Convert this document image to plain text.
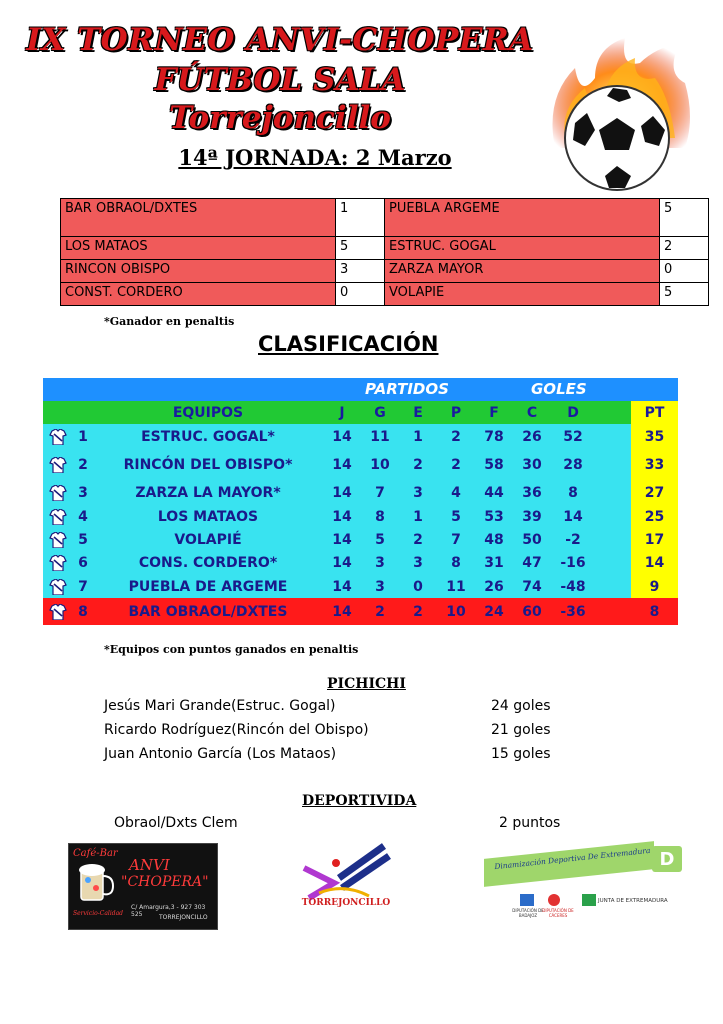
IX TORNEO ANVI-CHOPERA
FÚTBOL SALA
Torrejoncillo
14ª JORNADA: 2 Marzo
BAR OBRAOL/DXTES	1	PUEBLA ARGEME	5
LOS MATAOS	5	ESTRUC. GOGAL	2
RINCON OBISPO	3	ZARZA MAYOR	0
CONST. CORDERO	0	VOLAPIE	5
*Ganador en penaltis
CLASIFICACIÓN
PARTIDOS	GOLES
EQUIPOS	J	G	E	P	F	C	D	PT
1	ESTRUC. GOGAL*	14	11	1	2	78	26	52	35
2	RINCÓN DEL OBISPO*	14	10	2	2	58	30	28	33
3	ZARZA LA MAYOR*	14	7	3	4	44	36	8	27
4	LOS MATAOS	14	8	1	5	53	39	14	25
5	VOLAPIÉ	14	5	2	7	48	50	-2	17
6	CONS. CORDERO*	14	3	3	8	31	47	-16	14
7	PUEBLA DE ARGEME	14	3	0	11	26	74	-48	9
8	BAR OBRAOL/DXTES	14	2	2	10	24	60	-36	8
*Equipos con puntos ganados en penaltis
PICHICHI
Jesús Mari Grande(Estruc. Gogal)	24 goles
Ricardo Rodríguez(Rincón del Obispo)	21 goles
Juan Antonio García (Los Mataos)	15 goles
DEPORTIVIDA
Obraol/Dxts Clem	2 puntos
Café-Bar
ANVI
"CHOPERA"
Servicio-Calidad
C/ Amargura,3 - 927 303 525	TORREJONCILLO
TORREJONCILLO
Dinamización Deportiva De Extremadura D
DIPUTACIÓN DE BADAJOZ
DIPUTACIÓN DE CÁCERES
JUNTA DE EXTREMADURA
